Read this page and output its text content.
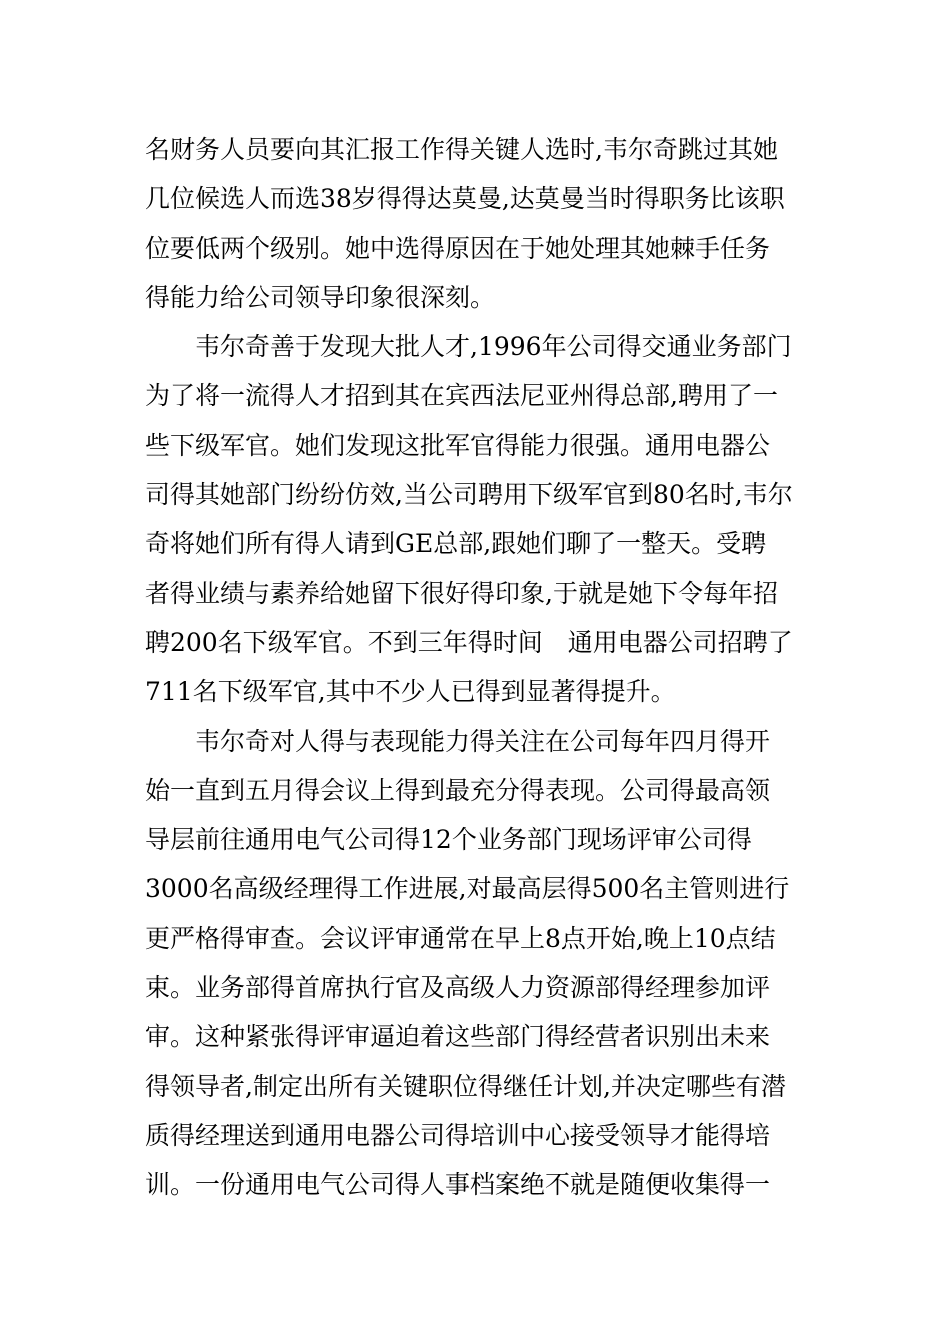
名财务人员要向其汇报工作得关键人选时,韦尔奇跳过其她
几位候选人而选38岁得得达莫曼,达莫曼当时得职务比该职
位要低两个级别。她中选得原因在于她处理其她棘手任务
得能力给公司领导印象很深刻。
韦尔奇善于发现大批人才,1996年公司得交通业务部门
为了将一流得人才招到其在宾西法尼亚州得总部,聘用了一
些下级军官。她们发现这批军官得能力很强。通用电器公
司得其她部门纷纷仿效,当公司聘用下级军官到80名时,韦尔
奇将她们所有得人请到GE总部,跟她们聊了一整天。受聘
者得业绩与素养给她留下很好得印象,于就是她下令每年招
聘200名下级军官。不到三年得时间　通用电器公司招聘了
711名下级军官,其中不少人已得到显著得提升。
韦尔奇对人得与表现能力得关注在公司每年四月得开
始一直到五月得会议上得到最充分得表现。公司得最高领
导层前往通用电气公司得12个业务部门现场评审公司得
3000名高级经理得工作进展,对最高层得500名主管则进行
更严格得审查。会议评审通常在早上8点开始,晚上10点结
束。业务部得首席执行官及高级人力资源部得经理参加评
审。这种紧张得评审逼迫着这些部门得经营者识别出未来
得领导者,制定出所有关键职位得继任计划,并决定哪些有潜
质得经理送到通用电器公司得培训中心接受领导才能得培
训。一份通用电气公司得人事档案绝不就是随便收集得一
